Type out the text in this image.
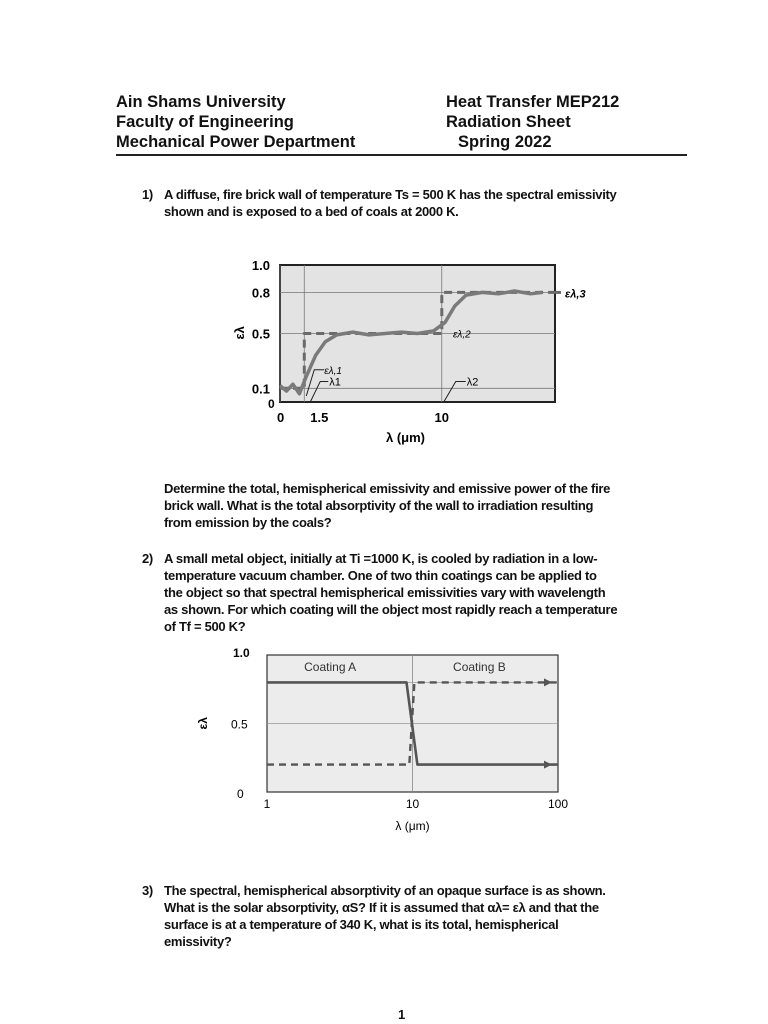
Ain Shams University
Faculty of Engineering
Mechanical Power Department
Heat Transfer MEP212
Radiation Sheet
Spring 2022
1) A diffuse, fire brick wall of temperature Ts = 500 K has the spectral emissivity

shown and is exposed to a bed of coals at 2000 K.

0
0.1
0.5
0.8
1.0
0 1.5	10
λ (μm)
ελ
ελ,1
λ1
ελ,2
λ2
ελ,3
Determine the total, hemispherical emissivity and emissive power of the fire
brick wall. What is the total absorptivity of the wall to irradiation resulting
from emission by the coals?
2) A small metal object, initially at Ti =1000 K, is cooled by radiation in a low-

temperature vacuum chamber. One of two thin coatings can be applied to

the object so that spectral hemispherical emissivities vary with wavelength

as shown. For which coating will the object most rapidly reach a temperature

of Tf = 500 K?

Coating A	Coating B
1.0
0.5
0
1	10	100
λ (μm)
ελ
3) The spectral, hemispherical absorptivity of an opaque surface is as shown.

What is the solar absorptivity, αS? If it is assumed that αλ= ελ and that the

surface is at a temperature of 340 K, what is its total, hemispherical

emissivity?

1
